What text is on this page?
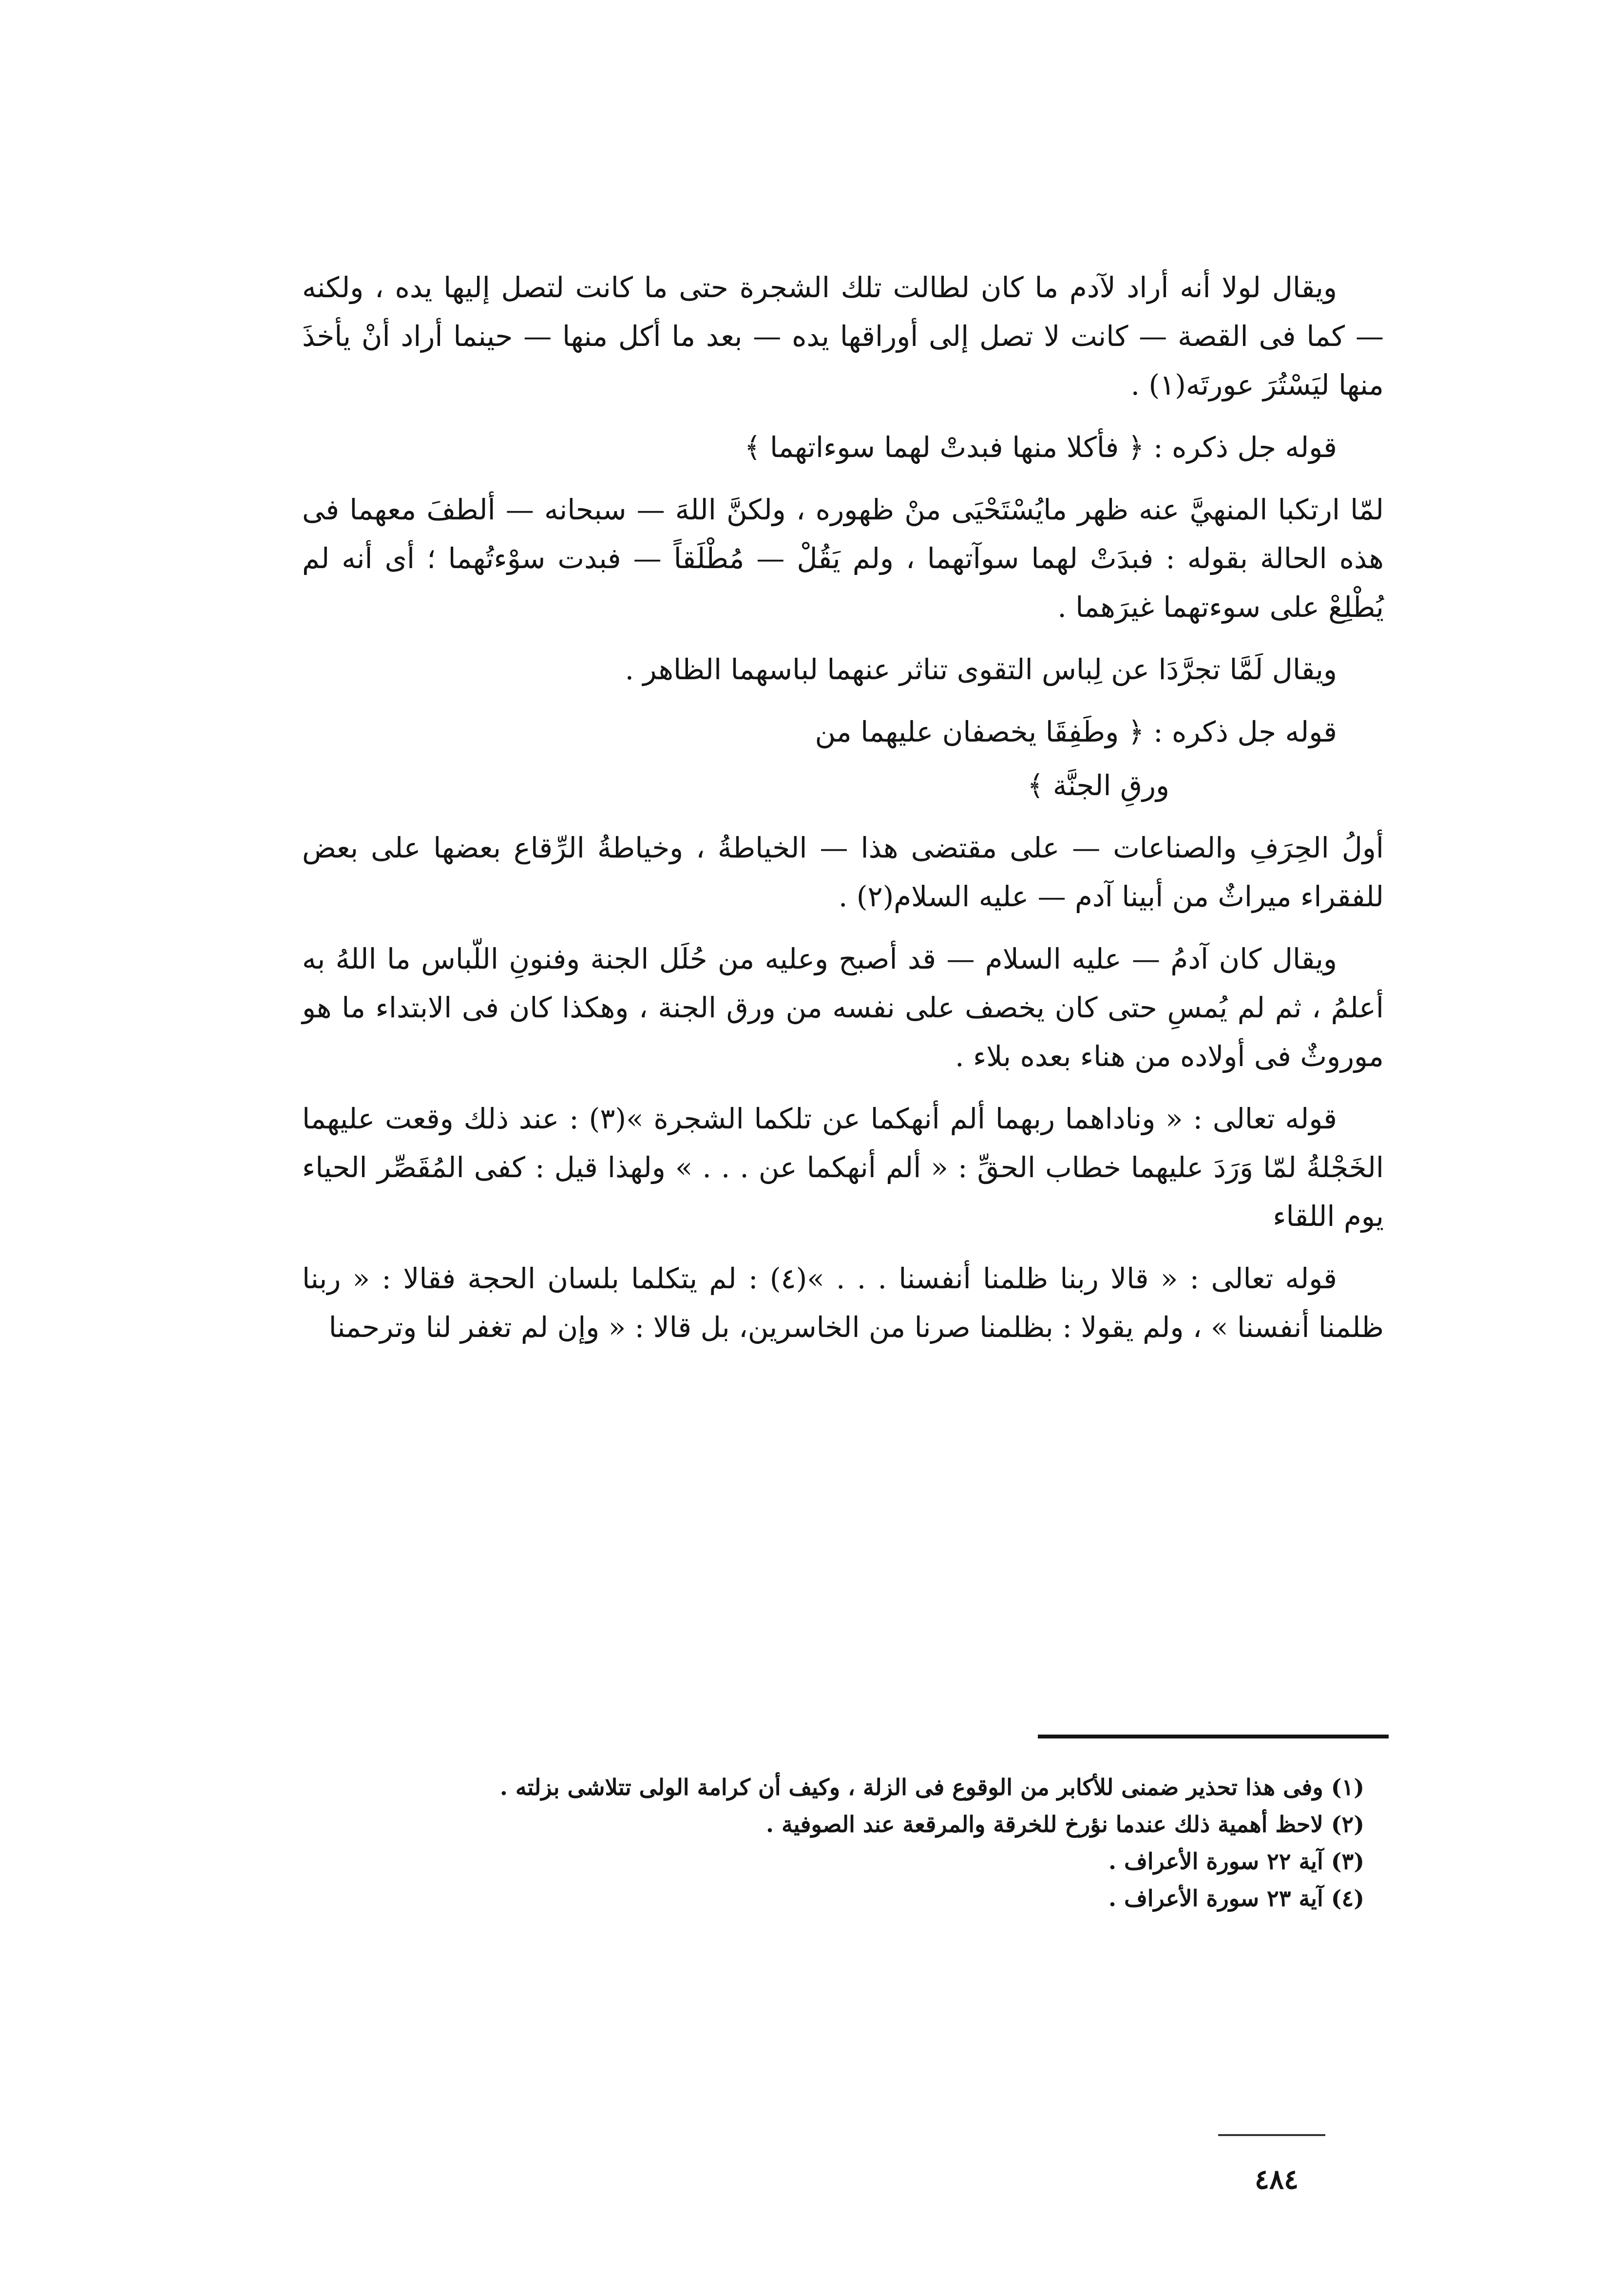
ويقال لولا أنه أراد لآدم ما كان لطالت تلك الشجرة حتى ما كانت لتصل إليها يده ، ولكنه — كما فى القصة — كانت لا تصل إلى أوراقها يده — بعد ما أكل منها — حينما أراد أنْ يأخذَ منها ليَسْتُرَ عورتَه(١) .

قوله جل ذكره : ﴿ فأكلا منها فبدتْ لهما سوءاتهما ﴾

لمّا ارتكبا المنهيَّ عنه ظهر مايُسْتَحْيَى منْ ظهوره ، ولكنَّ اللهَ — سبحانه — ألطفَ معهما فى هذه الحالة بقوله : فبدَتْ لهما سوآتهما ، ولم يَقُلْ — مُطْلَقاً — فبدت سوْءتُهما ؛ أى أنه لم يُطْلِعْ على سوءتهما غيرَهما .

ويقال لَمَّا تجرَّدَا عن لِباس التقوى تناثر عنهما لباسهما الظاهر .

قوله جل ذكره : ﴿ وطَفِقَا يخصفان عليهما من

ورقِ الجنَّة ﴾

أولُ الحِرَفِ والصناعات — على مقتضى هذا — الخياطةُ ، وخياطةُ الرِّقاع بعضها على بعض للفقراء ميراثٌ من أبينا آدم — عليه السلام(٢) .

ويقال كان آدمُ — عليه السلام — قد أصبح وعليه من حُلَل الجنة وفنونِ اللّباس ما اللهُ به أعلمُ ، ثم لم يُمسِ حتى كان يخصف على نفسه من ورق الجنة ، وهكذا كان فى الابتداء ما هو موروثٌ فى أولاده من هناء بعده بلاء .

قوله تعالى : « وناداهما ربهما ألم أنهكما عن تلكما الشجرة »(٣) : عند ذلك وقعت عليهما الخَجْلةُ لمّا وَرَدَ عليهما خطاب الحقِّ : « ألم أنهكما عن . . . » ولهذا قيل : كفى المُقَصِّر الحياء يوم اللقاء

قوله تعالى : « قالا ربنا ظلمنا أنفسنا . . . »(٤) : لم يتكلما بلسان الحجة فقالا : « ربنا ظلمنا أنفسنا » ، ولم يقولا : بظلمنا صرنا من الخاسرين، بل قالا : « وإن لم تغفر لنا وترحمنا

(١) وفى هذا تحذير ضمنى للأكابر من الوقوع فى الزلة ، وكيف أن كرامة الولى تتلاشى بزلته .

(٢) لاحظ أهمية ذلك عندما نؤرخ للخرقة والمرقعة عند الصوفية .

(٣) آية ٢٢ سورة الأعراف .

(٤) آية ٢٣ سورة الأعراف .

٤٨٤
